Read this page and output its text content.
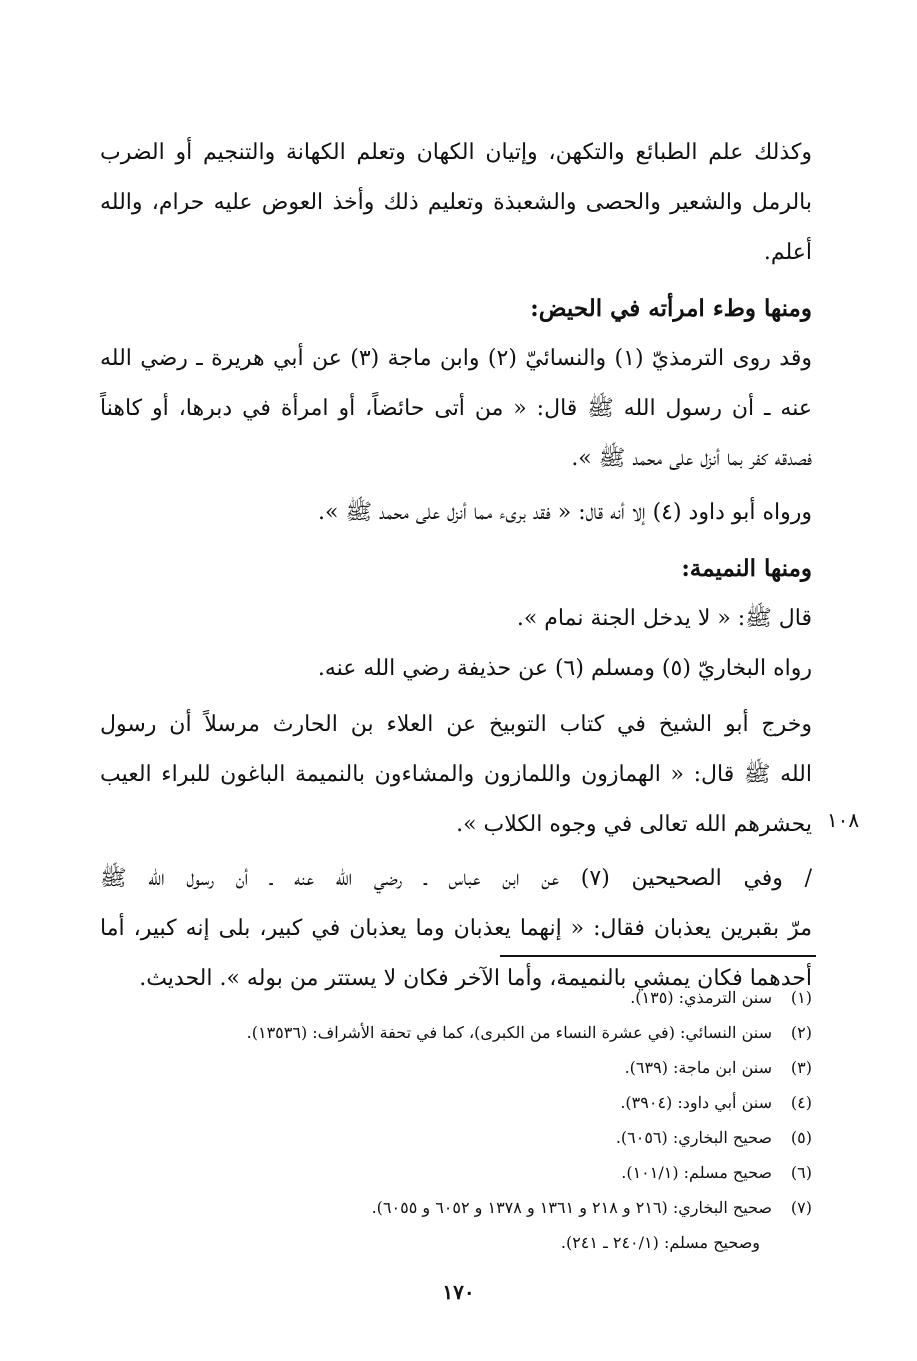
وكذلك علم الطبائع والتكهن، وإتيان الكهان وتعلم الكهانة والتنجيم أو الضرب
بالرمل والشعير والحصى والشعبذة وتعليم ذلك وأخذ العوض عليه حرام، والله
أعلم.

ومنها وطء امرأته في الحيض:

وقد روى الترمذيّ (١) والنسائيّ (٢) وابن ماجة (٣) عن أبي هريرة ـ رضي الله
عنه ـ أن رسول الله ﷺ قال: « من أتى حائضاً، أو امرأة في دبرها، أو كاهناً
فصدقه كفر بما أنزل على محمد ﷺ ».
ورواه أبو داود (٤) إلا أنه قال: « فقد برىء مما أنزل على محمد ﷺ ».

ومنها النميمة:

قال ﷺ: « لا يدخل الجنة نمام ».
رواه البخاريّ (٥) ومسلم (٦) عن حذيفة رضي الله عنه.
وخرج أبو الشيخ في كتاب التوبيخ عن العلاء بن الحارث مرسلاً أن رسول
الله ﷺ قال: « الهمازون واللمازون والمشاءون بالنميمة الباغون للبراء العيب
يحشرهم الله تعالى في وجوه الكلاب ».
/ وفي الصحيحين (٧) عن ابن عباس ـ رضي الله عنه ـ أن رسول الله ﷺ
مرّ بقبرين يعذبان فقال: « إنهما يعذبان وما يعذبان في كبير، بلى إنه كبير، أما
أحدهما فكان يمشي بالنميمة، وأما الآخر فكان لا يستتر من بوله ». الحديث.
١٠٨
(١)
سنن الترمذي: (١٣٥).
(٢)
سنن النسائي: (في عشرة النساء من الكبرى)، كما في تحفة الأشراف: (١٣٥٣٦).
(٣)
سنن ابن ماجة: (٦٣٩).
(٤)
سنن أبي داود: (٣٩٠٤).
(٥)
صحيح البخاري: (٦٠٥٦).
(٦)
صحيح مسلم: (١٠١/١).
(٧)
صحيح البخاري: (٢١٦ و ٢١٨ و ١٣٦١ و ١٣٧٨ و ٦٠٥٢ و ٦٠٥٥).
وصحيح مسلم: (٢٤٠/١ ـ ٢٤١).
١٧٠
